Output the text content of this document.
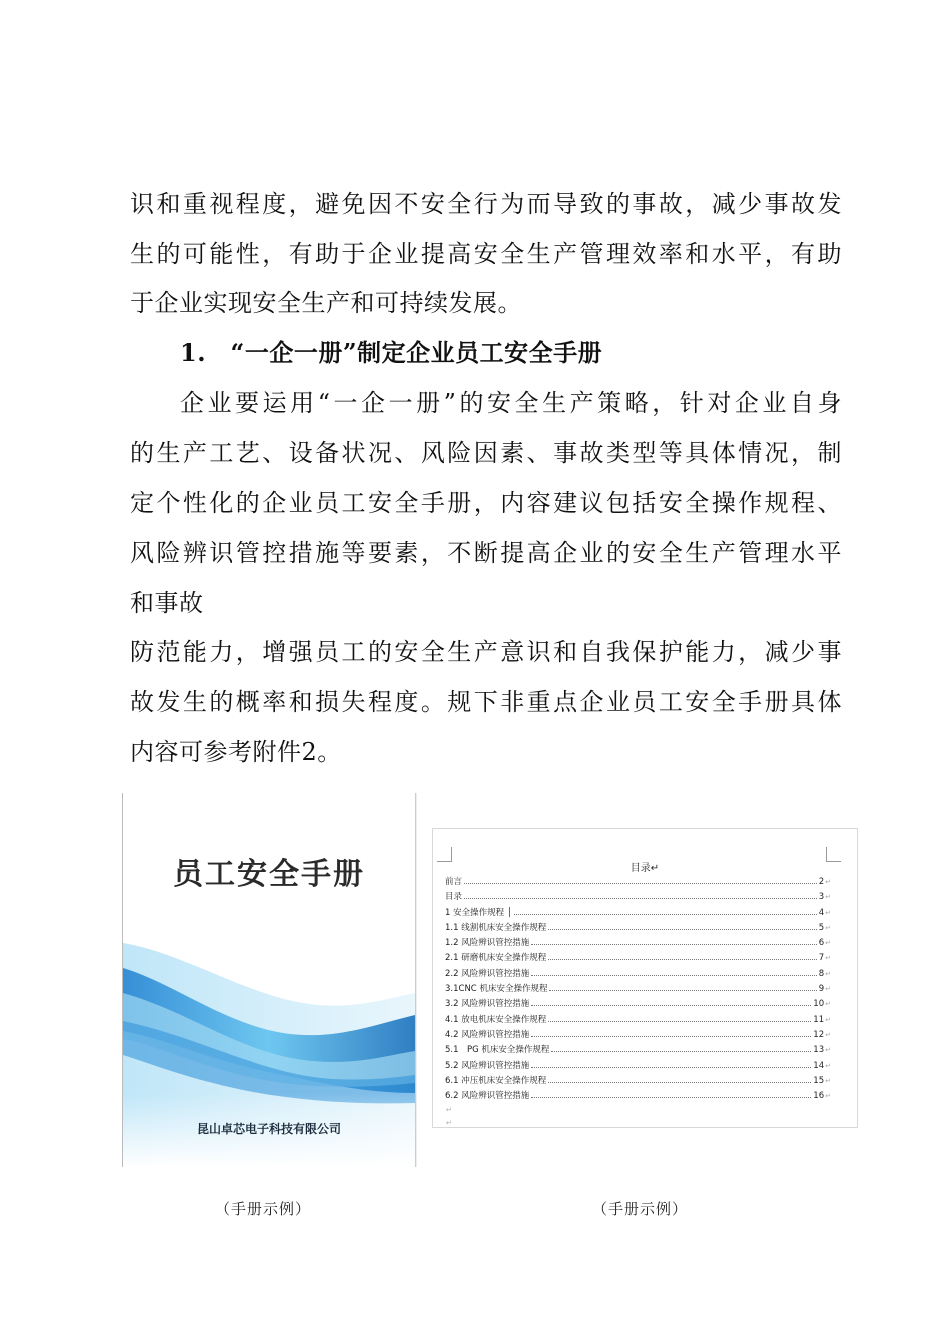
识和重视程度，避免因不安全行为而导致的事故，减少事故发
生的可能性，有助于企业提高安全生产管理效率和水平，有助
于企业实现安全生产和可持续发展。
1.　“一企一册”制定企业员工安全手册
企业要运用“一企一册”的安全生产策略，针对企业自身
的生产工艺、设备状况、风险因素、事故类型等具体情况，制
定个性化的企业员工安全手册，内容建议包括安全操作规程、
风险辨识管控措施等要素，不断提高企业的安全生产管理水平
和事故
防范能力，增强员工的安全生产意识和自我保护能力，减少事
故发生的概率和损失程度。规下非重点企业员工安全手册具体
内容可参考附件2。
员工安全手册
昆山卓芯电子科技有限公司
目录↵
前言	2 ↵
目录	3 ↵
1 安全操作规程 │	4 ↵
1.1 线割机床安全操作规程	5 ↵
1.2 风险辨识管控措施	6 ↵
2.1 研磨机床安全操作规程	7 ↵
2.2 风险辨识管控措施	8 ↵
3.1CNC 机床安全操作规程	9 ↵
3.2 风险辨识管控措施	10 ↵
4.1 放电机床安全操作规程	11 ↵
4.2 风险辨识管控措施	12 ↵
5.1　PG 机床安全操作规程	13 ↵
5.2 风险辨识管控措施	14 ↵
6.1 冲压机床安全操作规程	15 ↵
6.2 风险辨识管控措施	16 ↵
↵
↵
（手册示例）	（手册示例）
